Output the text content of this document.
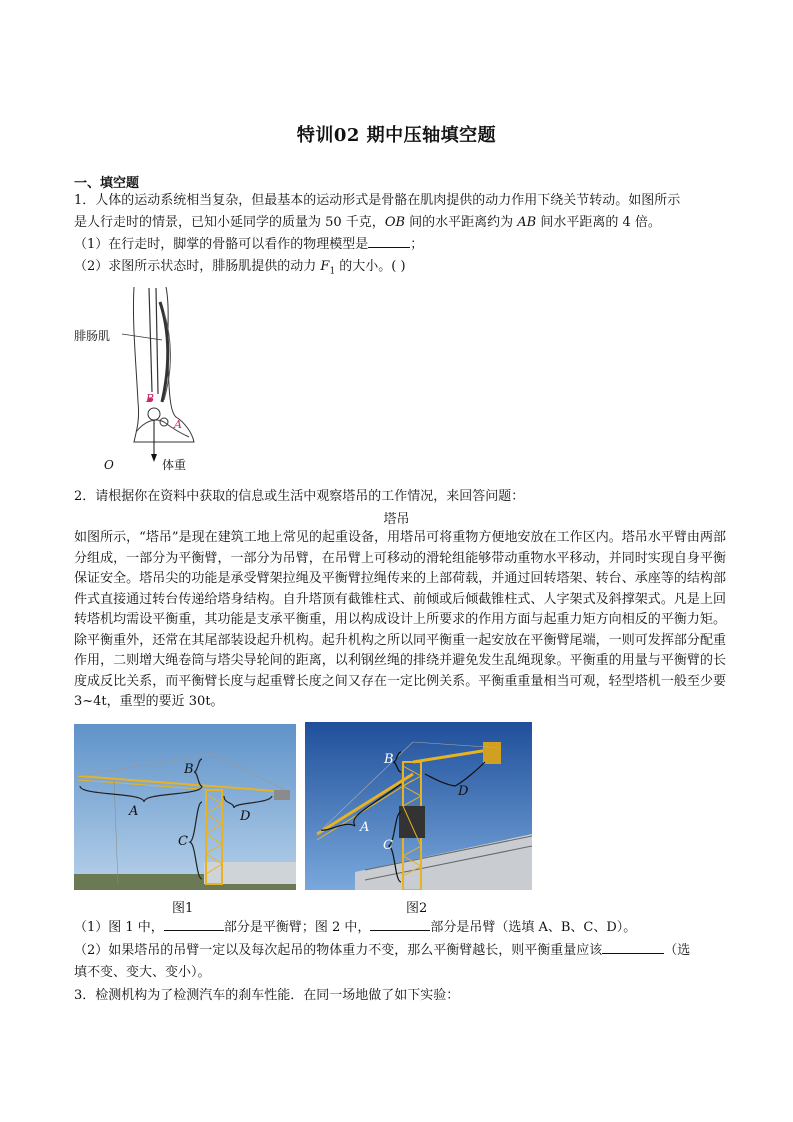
特训02 期中压轴填空题
一、填空题
1．人体的运动系统相当复杂，但最基本的运动形式是骨骼在肌肉提供的动力作用下绕关节转动。如图所示
是人行走时的情景，已知小延同学的质量为 50 千克，OB 间的水平距离约为 AB 间水平距离的 4 倍。
（1）在行走时，脚掌的骨骼可以看作的物理模型是	；
（2）求图所示状态时，腓肠肌提供的动力 $F_1$ 的大小。( )
腓肠肌
体重
A
B
O
2．请根据你在资料中获取的信息或生活中观察塔吊的工作情况，来回答问题：
塔吊
如图所示，“塔吊”是现在建筑工地上常见的起重设备，用塔吊可将重物方便地安放在工作区内。塔吊水平臂由两部分组成，一部分为平衡臂，一部分为吊臂，在吊臂上可移动的滑轮组能够带动重物水平移动，并同时实现自身平衡保证安全。塔吊尖的功能是承受臂架拉绳及平衡臂拉绳传来的上部荷载，并通过回转塔架、转台、承座等的结构部件式直接通过转台传递给塔身结构。自升塔顶有截锥柱式、前倾或后倾截锥柱式、人字架式及斜撑架式。凡是上回转塔机均需设平衡重，其功能是支承平衡重，用以构成设计上所要求的作用方面与起重力矩方向相反的平衡力矩。除平衡重外，还常在其尾部装设起升机构。起升机构之所以同平衡重一起安放在平衡臂尾端，一则可发挥部分配重作用，二则增大绳卷筒与塔尖导轮间的距离，以利钢丝绳的排绕并避免发生乱绳现象。平衡重的用量与平衡臂的长度成反比关系，而平衡臂长度与起重臂长度之间又存在一定比例关系。平衡重重量相当可观，轻型塔机一般至少要 3~4t，重型的要近 30t。
B
A	D
C
B
A
D
C
图1	图2
（1）图 1 中，	部分是平衡臂；图 2 中，	部分是吊臂（选填 A、B、C、D）。
（2）如果塔吊的吊臂一定以及每次起吊的物体重力不变，那么平衡臂越长，则平衡重量应该	（选
填不变、变大、变小）。
3．检测机构为了检测汽车的刹车性能．在同一场地做了如下实验：
